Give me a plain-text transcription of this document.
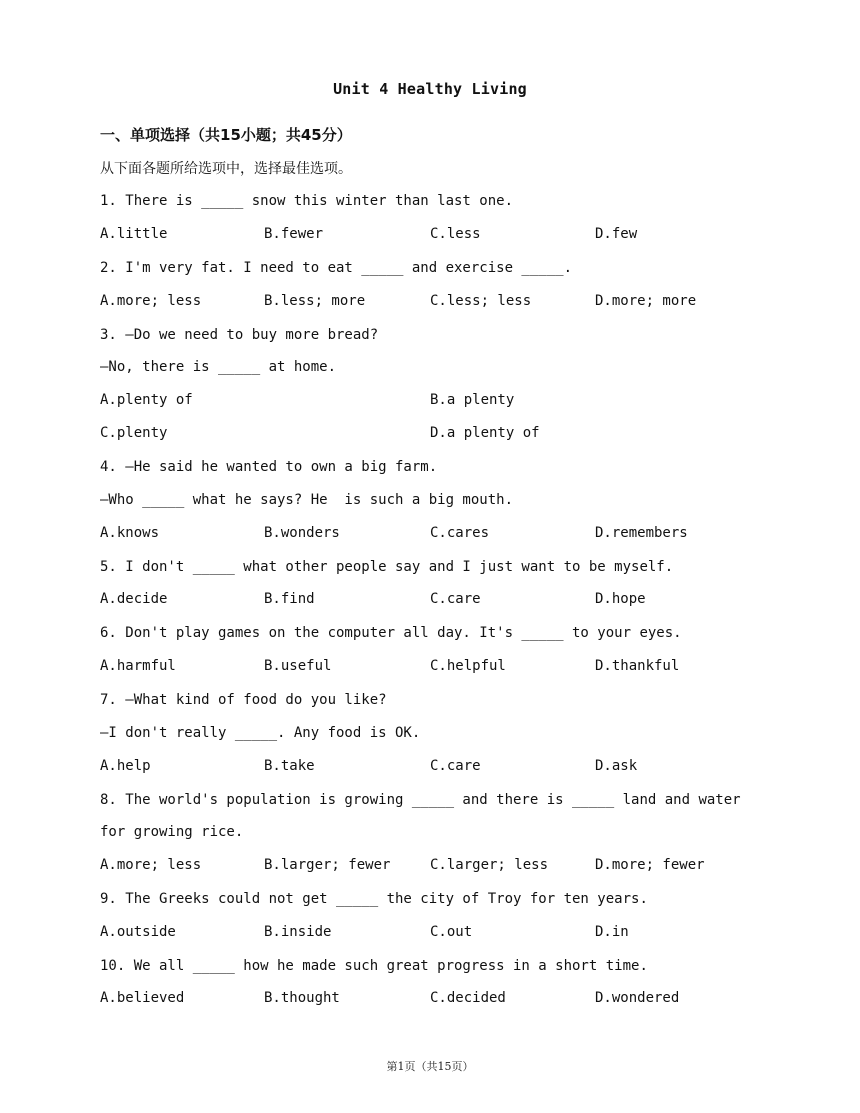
Unit 4 Healthy Living
一、单项选择（共15小题；共45分）
从下面各题所给选项中，选择最佳选项。
1. There is _____ snow this winter than last one.
A.little	B.fewer	C.less	D.few
2. I'm very fat. I need to eat _____ and exercise _____.
A.more; less	B.less; more	C.less; less	D.more; more
3. —Do we need to buy more bread?
—No, there is _____ at home.
A.plenty of	B.a plenty
C.plenty	D.a plenty of
4. —He said he wanted to own a big farm.
—Who _____ what he says? He  is such a big mouth.
A.knows	B.wonders	C.cares	D.remembers
5. I don't _____ what other people say and I just want to be myself.
A.decide	B.find	C.care	D.hope
6. Don't play games on the computer all day. It's _____ to your eyes.
A.harmful	B.useful	C.helpful	D.thankful
7. —What kind of food do you like?
—I don't really _____. Any food is OK.
A.help	B.take	C.care	D.ask
8. The world's population is growing _____ and there is _____ land and water
for growing rice.
A.more; less	B.larger; fewer	C.larger; less	D.more; fewer
9. The Greeks could not get _____ the city of Troy for ten years.
A.outside	B.inside	C.out	D.in
10. We all _____ how he made such great progress in a short time.
A.believed	B.thought	C.decided	D.wondered
第1页（共15页）
